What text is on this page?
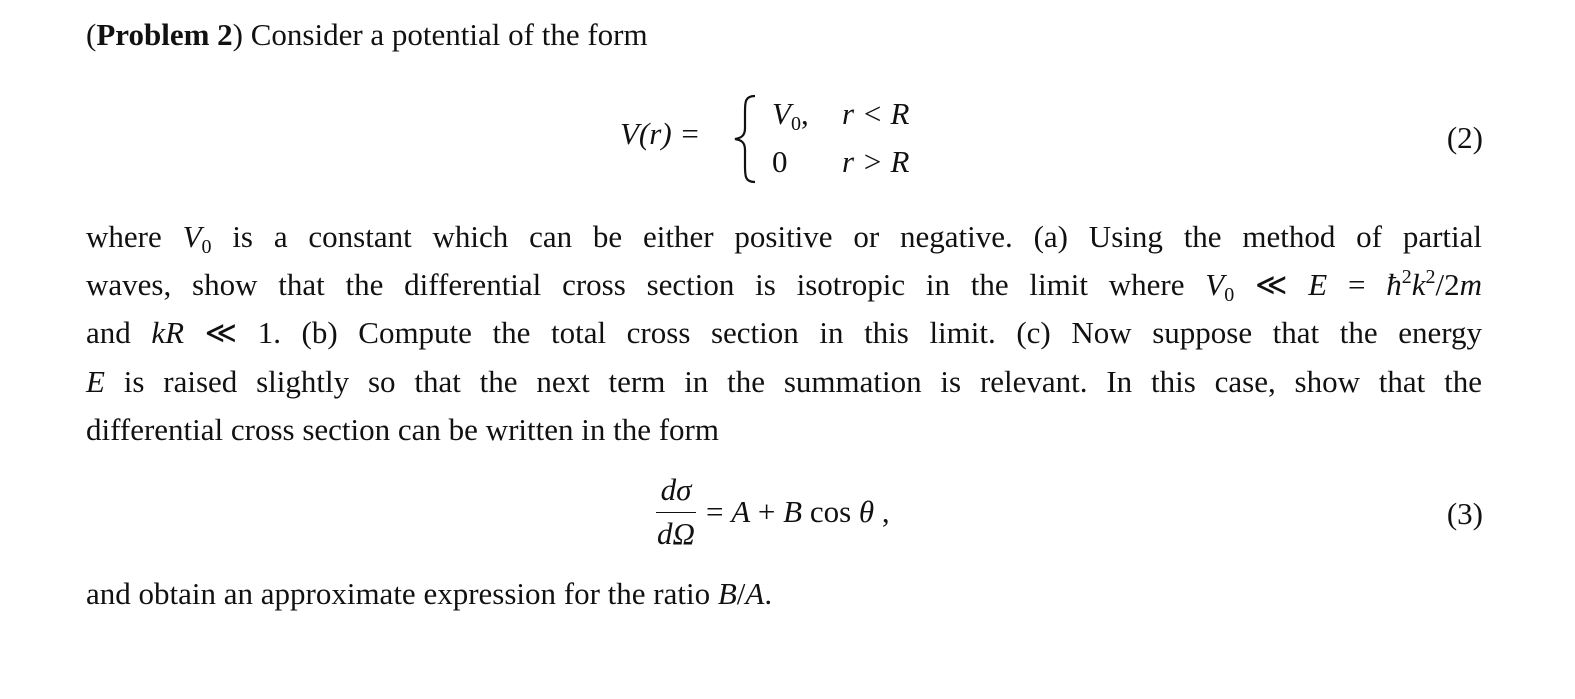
(Problem 2) Consider a potential of the form
V(r) =
$V_0$, r < R
0 r > R
(2)
where $V_0$ is a constant which can be either positive or negative. (a) Using the method of partial
waves, show that the differential cross section is isotropic in the limit where $V_0$ ≪ $E = ħ^2k^2/2m$
and kR ≪ 1. (b) Compute the total cross section in this limit. (c) Now suppose that the energy
E is raised slightly so that the next term in the summation is relevant. In this case, show that the
differential cross section can be written in the form
dσ
dΩ
= A + B cos θ ,	(3)
and obtain an approximate expression for the ratio B/A.
